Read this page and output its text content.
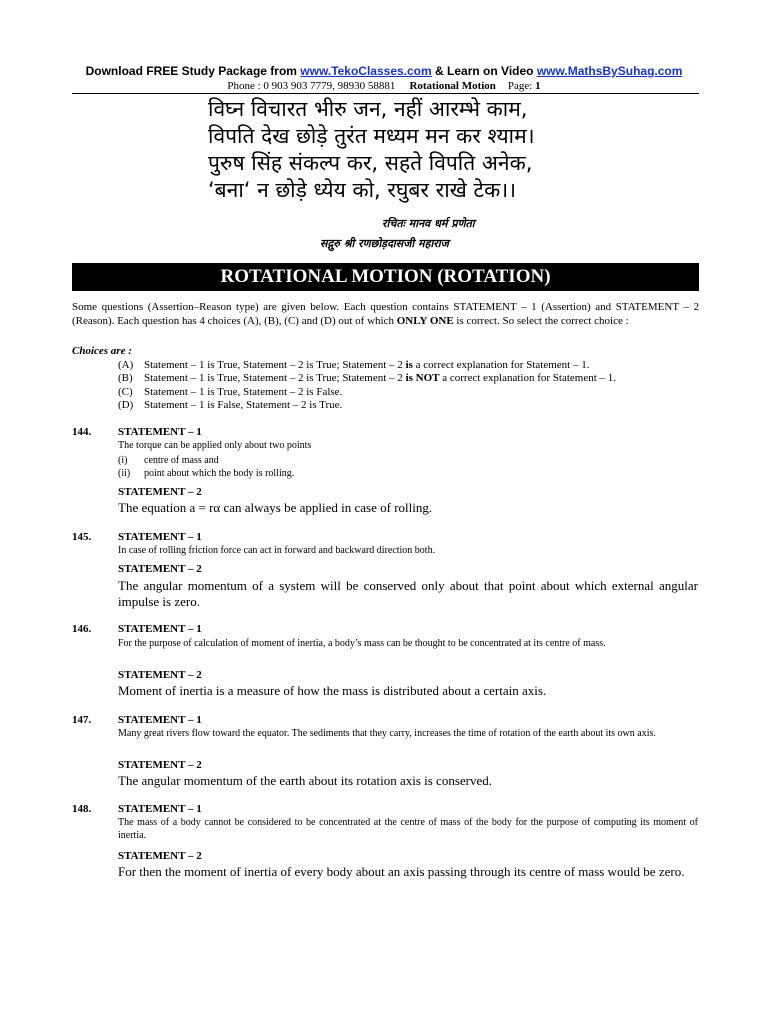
Download FREE Study Package from www.TekoClasses.com & Learn on Video www.MathsBySuhag.com
Phone : 0 903 903 7779, 98930 58881 Rotational Motion Page: 1
विघ्न विचारत भीरु जन, नहीं आरम्भे काम,
विपति देख छोड़े तुरंत मध्यम मन कर श्याम।
पुरुष सिंह संकल्प कर, सहते विपति अनेक,
‘बना‘ न छोड़े ध्येय को, रघुबर राखे टेक।।
रचितः मानव धर्म प्रणेता
सद्गुरु श्री रणछोड़दासजी महाराज
ROTATIONAL MOTION (ROTATION)
Some questions (Assertion–Reason type) are given below. Each question contains STATEMENT – 1 (Assertion) and STATEMENT – 2 (Reason). Each question has 4 choices (A), (B), (C) and (D) out of which ONLY ONE is correct. So select the correct choice :
Choices are :
(A) Statement – 1 is True, Statement – 2 is True; Statement – 2 is a correct explanation for Statement – 1.
(B) Statement – 1 is True, Statement – 2 is True; Statement – 2 is NOT a correct explanation for Statement – 1.
(C) Statement – 1 is True, Statement – 2 is False.
(D) Statement – 1 is False, Statement – 2 is True.
144. STATEMENT – 1
The torque can be applied only about two points
(i) centre of mass and
(ii) point about which the body is rolling.
STATEMENT – 2
The equation a = rα can always be applied in case of rolling.
145. STATEMENT – 1
In case of rolling friction force can act in forward and backward direction both.
STATEMENT – 2
The angular momentum of a system will be conserved only about that point about which external angular impulse is zero.
146. STATEMENT – 1
For the purpose of calculation of moment of inertia, a body’s mass can be thought to be concentrated at its centre of mass.
STATEMENT – 2
Moment of inertia is a measure of how the mass is distributed about a certain axis.
147. STATEMENT – 1
Many great rivers flow toward the equator. The sediments that they carry, increases the time of rotation of the earth about its own axis.
STATEMENT – 2
The angular momentum of the earth about its rotation axis is conserved.
148. STATEMENT – 1
The mass of a body cannot be considered to be concentrated at the centre of mass of the body for the purpose of computing its moment of inertia.
STATEMENT – 2
For then the moment of inertia of every body about an axis passing through its centre of mass would be zero.
